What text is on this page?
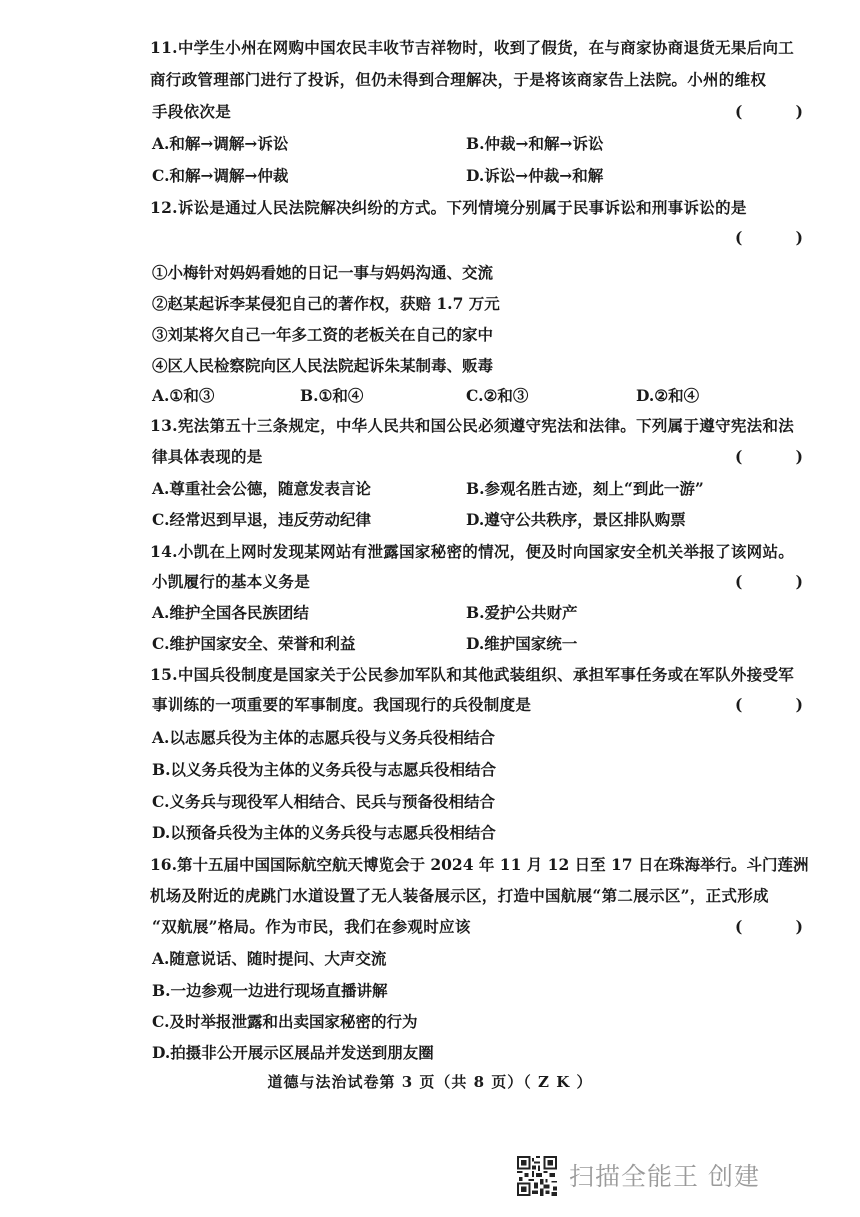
11.中学生小州在网购中国农民丰收节吉祥物时，收到了假货，在与商家协商退货无果后向工
商行政管理部门进行了投诉，但仍未得到合理解决，于是将该商家告上法院。小州的维权
手段依次是	(	)
A.和解→调解→诉讼	B.仲裁→和解→诉讼
C.和解→调解→仲裁	D.诉讼→仲裁→和解
12.诉讼是通过人民法院解决纠纷的方式。下列情境分别属于民事诉讼和刑事诉讼的是
(	)
①小梅针对妈妈看她的日记一事与妈妈沟通、交流
②赵某起诉李某侵犯自己的著作权，获赔 1.7 万元
③刘某将欠自己一年多工资的老板关在自己的家中
④区人民检察院向区人民法院起诉朱某制毒、贩毒
A.①和③	B.①和④	C.②和③	D.②和④
13.宪法第五十三条规定，中华人民共和国公民必须遵守宪法和法律。下列属于遵守宪法和法
律具体表现的是	(	)
A.尊重社会公德，随意发表言论	B.参观名胜古迹，刻上“到此一游”
C.经常迟到早退，违反劳动纪律	D.遵守公共秩序，景区排队购票
14.小凯在上网时发现某网站有泄露国家秘密的情况，便及时向国家安全机关举报了该网站。
小凯履行的基本义务是	(	)
A.维护全国各民族团结	B.爱护公共财产
C.维护国家安全、荣誉和利益	D.维护国家统一
15.中国兵役制度是国家关于公民参加军队和其他武装组织、承担军事任务或在军队外接受军
事训练的一项重要的军事制度。我国现行的兵役制度是	(	)
A.以志愿兵役为主体的志愿兵役与义务兵役相结合
B.以义务兵役为主体的义务兵役与志愿兵役相结合
C.义务兵与现役军人相结合、民兵与预备役相结合
D.以预备兵役为主体的义务兵役与志愿兵役相结合
16.第十五届中国国际航空航天博览会于 2024 年 11 月 12 日至 17 日在珠海举行。斗门莲洲
机场及附近的虎跳门水道设置了无人装备展示区，打造中国航展“第二展示区”，正式形成
“双航展”格局。作为市民，我们在参观时应该	(	)
A.随意说话、随时提问、大声交流
B.一边参观一边进行现场直播讲解
C.及时举报泄露和出卖国家秘密的行为
D.拍摄非公开展示区展品并发送到朋友圈
道德与法治试卷第 3 页（共 8 页）（ Z K ）
扫描全能王 创建
